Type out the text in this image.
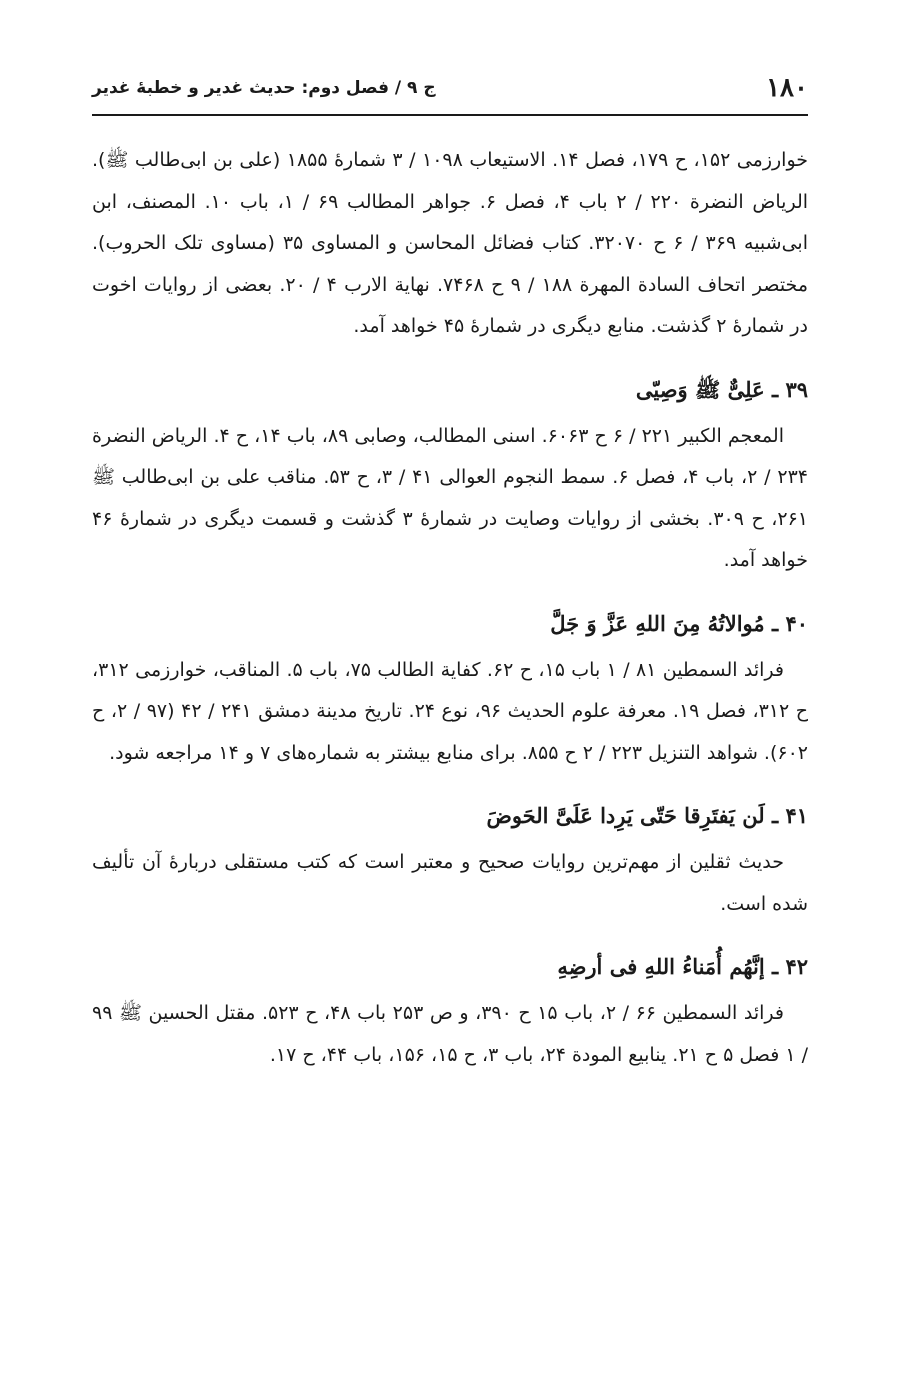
۱۸۰
ج ۹ / فصل دوم: حدیث غدیر و خطبهٔ غدیر

خوارزمی ۱۵۲، ح ۱۷۹، فصل ۱۴. الاستیعاب ۱۰۹۸ / ۳ شمارهٔ ۱۸۵۵ (علی بن ابی‌طالب ﷺ). الریاض النضرة ۲۲۰ / ۲ باب ۴، فصل ۶. جواهر المطالب ۶۹ / ۱، باب ۱۰. المصنف، ابن ابی‌شبیه ۳۶۹ / ۶ ح ۳۲۰۷۰. کتاب فضائل المحاسن و المساوی ۳۵ (مساوی تلک الحروب). مختصر اتحاف السادة المهرة ۱۸۸ / ۹ ح ۷۴۶۸. نهایة الارب ۴ / ۲۰. بعضی از روایات اخوت در شمارهٔ ۲ گذشت. منابع دیگری در شمارهٔ ۴۵ خواهد آمد.

۳۹ ـ عَلِیٌّ ﷺ وَصِیّی

المعجم الکبیر ۲۲۱ / ۶ ح ۶۰۶۳. اسنی المطالب، وصابی ۸۹، باب ۱۴، ح ۴. الریاض النضرة ۲۳۴ / ۲، باب ۴، فصل ۶. سمط النجوم العوالی ۴۱ / ۳، ح ۵۳. مناقب علی بن ابی‌طالب ﷺ ۲۶۱، ح ۳۰۹. بخشی از روایات وصایت در شمارهٔ ۳ گذشت و قسمت دیگری در شمارهٔ ۴۶ خواهد آمد.

۴۰ ـ مُوالاتُهُ مِنَ اللهِ عَزَّ وَ جَلَّ

فرائد السمطین ۸۱ / ۱ باب ۱۵، ح ۶۲. کفایة الطالب ۷۵، باب ۵. المناقب، خوارزمی ۳۱۲، ح ۳۱۲، فصل ۱۹. معرفة علوم الحدیث ۹۶، نوع ۲۴. تاریخ مدینة دمشق ۲۴۱ / ۴۲ (۹۷ / ۲، ح ۶۰۲). شواهد التنزیل ۲۲۳ / ۲ ح ۸۵۵. برای منابع بیشتر به شماره‌های ۷ و ۱۴ مراجعه شود.

۴۱ ـ لَن یَفتَرِقا حَتّی یَرِدا عَلَیَّ الحَوضَ

حدیث ثقلین از مهم‌ترین روایات صحیح و معتبر است که کتب مستقلی دربارهٔ آن تألیف شده است.

۴۲ ـ إنَّهُم أُمَناءُ اللهِ فی أرضِهِ

فرائد السمطین ۶۶ / ۲، باب ۱۵ ح ۳۹۰، و ص ۲۵۳ باب ۴۸، ح ۵۲۳. مقتل الحسین ﷺ ۹۹ / ۱ فصل ۵ ح ۲۱. ینابیع المودة ۲۴، باب ۳، ح ۱۵، ۱۵۶، باب ۴۴، ح ۱۷.
